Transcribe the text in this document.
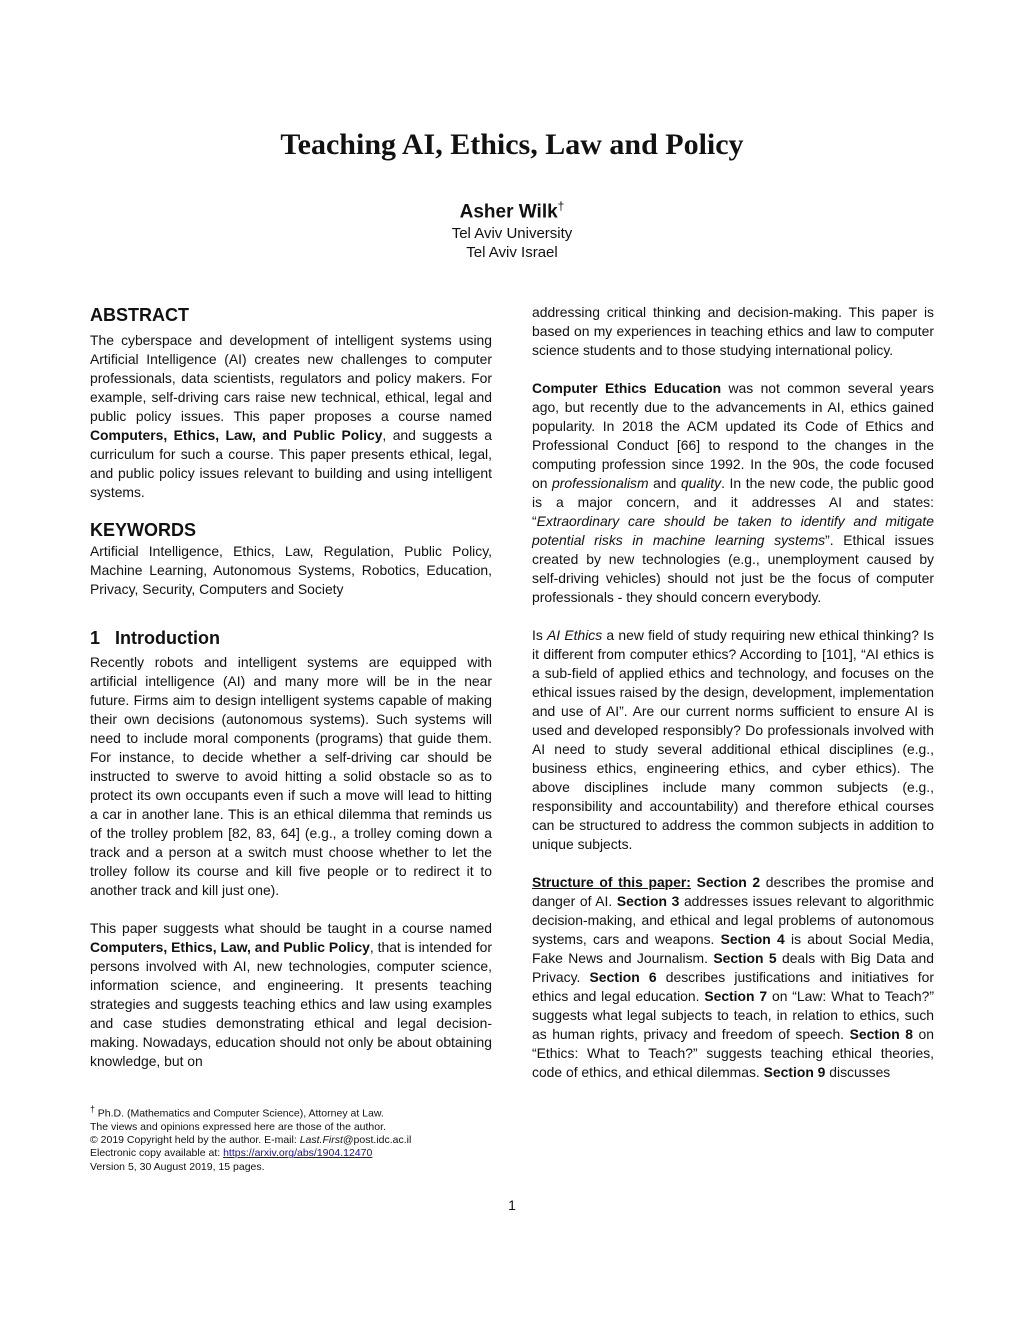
Teaching AI, Ethics, Law and Policy
Asher Wilk†
Tel Aviv University
Tel Aviv Israel
ABSTRACT

The cyberspace and development of intelligent systems using Artificial Intelligence (AI) creates new challenges to computer professionals, data scientists, regulators and policy makers. For example, self-driving cars raise new technical, ethical, legal and public policy issues. This paper proposes a course named Computers, Ethics, Law, and Public Policy, and suggests a curriculum for such a course. This paper presents ethical, legal, and public policy issues relevant to building and using intelligent systems.

KEYWORDS

Artificial Intelligence, Ethics, Law, Regulation, Public Policy, Machine Learning, Autonomous Systems, Robotics, Education, Privacy, Security, Computers and Society

1 Introduction

Recently robots and intelligent systems are equipped with artificial intelligence (AI) and many more will be in the near future. Firms aim to design intelligent systems capable of making their own decisions (autonomous systems). Such systems will need to include moral components (programs) that guide them. For instance, to decide whether a self-driving car should be instructed to swerve to avoid hitting a solid obstacle so as to protect its own occupants even if such a move will lead to hitting a car in another lane. This is an ethical dilemma that reminds us of the trolley problem [82, 83, 64] (e.g., a trolley coming down a track and a person at a switch must choose whether to let the trolley follow its course and kill five people or to redirect it to another track and kill just one).

This paper suggests what should be taught in a course named Computers, Ethics, Law, and Public Policy, that is intended for persons involved with AI, new technologies, computer science, information science, and engineering. It presents teaching strategies and suggests teaching ethics and law using examples and case studies demonstrating ethical and legal decision-making. Nowadays, education should not only be about obtaining knowledge, but on

addressing critical thinking and decision-making. This paper is based on my experiences in teaching ethics and law to computer science students and to those studying international policy.

Computer Ethics Education was not common several years ago, but recently due to the advancements in AI, ethics gained popularity. In 2018 the ACM updated its Code of Ethics and Professional Conduct [66] to respond to the changes in the computing profession since 1992. In the 90s, the code focused on professionalism and quality. In the new code, the public good is a major concern, and it addresses AI and states: “Extraordinary care should be taken to identify and mitigate potential risks in machine learning systems”. Ethical issues created by new technologies (e.g., unemployment caused by self-driving vehicles) should not just be the focus of computer professionals - they should concern everybody.

Is AI Ethics a new field of study requiring new ethical thinking? Is it different from computer ethics? According to [101], “AI ethics is a sub-field of applied ethics and technology, and focuses on the ethical issues raised by the design, development, implementation and use of AI”. Are our current norms sufficient to ensure AI is used and developed responsibly? Do professionals involved with AI need to study several additional ethical disciplines (e.g., business ethics, engineering ethics, and cyber ethics). The above disciplines include many common subjects (e.g., responsibility and accountability) and therefore ethical courses can be structured to address the common subjects in addition to unique subjects.

Structure of this paper: Section 2 describes the promise and danger of AI. Section 3 addresses issues relevant to algorithmic decision-making, and ethical and legal problems of autonomous systems, cars and weapons. Section 4 is about Social Media, Fake News and Journalism. Section 5 deals with Big Data and Privacy. Section 6 describes justifications and initiatives for ethics and legal education. Section 7 on “Law: What to Teach?” suggests what legal subjects to teach, in relation to ethics, such as human rights, privacy and freedom of speech. Section 8 on “Ethics: What to Teach?” suggests teaching ethical theories, code of ethics, and ethical dilemmas. Section 9 discusses

† Ph.D. (Mathematics and Computer Science), Attorney at Law.
The views and opinions expressed here are those of the author.
© 2019 Copyright held by the author. E-mail: Last.First@post.idc.ac.il
Electronic copy available at: https://arxiv.org/abs/1904.12470
Version 5, 30 August 2019, 15 pages.
1
